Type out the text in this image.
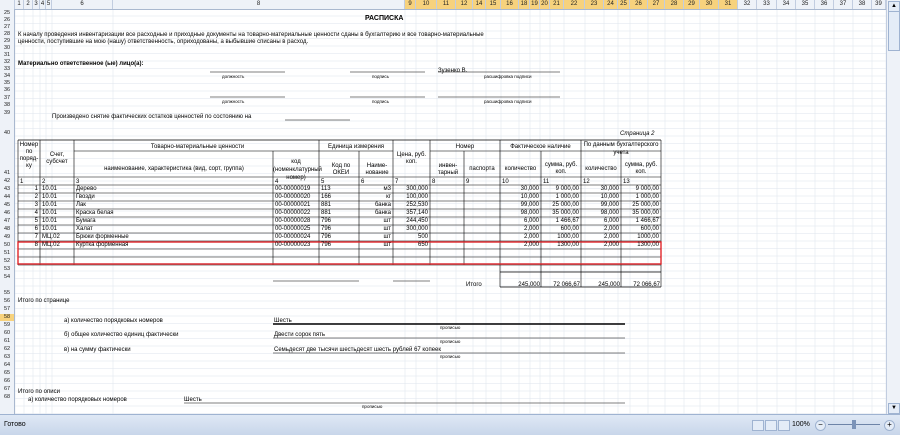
1 2 3 4 5	6	8	9	10	11	12	14	15	16	18 19 20 21	22	23	24	25	26	27	28	29	30	31	32	33	34	35	36	37	38	39
25
26
27
28
29
30
31
32
33
34
35
36
37
38
39
40
41
42
43
44
45
46
47
48
49
50
51
52
53
54
55
56
57
58
59
60
61
62
63
64
65
66
67
68
РАСПИСКА
К началу проведения инвентаризации все расходные и приходные документы на товарно-материальные ценности сданы в бухгалтерию и все товарно-материальные
ценности, поступившие на мою (нашу) ответственность, оприходованы, а выбывшие списаны в расход.
Материально ответственное (ые) лицо(а):
Зузенко В.
должность	подпись	расшифровка подписи
должность	подпись	расшифровка подписи
Произведено снятие фактических остатков ценностей по состоянию на
Страница 2
Номер по поряд-ку
Счет, субсчет
Товарно-материальные ценности
наименование, характеристика (вид, сорт, группа)
код (номенклатурный номер)
Единица измерения
Код по ОКЕИ
Наиме-нование
Цена, руб. коп.
Номер
инвен-тарный
паспорта
Фактическое наличие
количество
сумма, руб. коп.
По данным бухгалтерского учета
количество
сумма, руб. коп.
1	2	3	4	5	6	7	8	9	10	11	12	13
1 10.01	Дерево	00-00000019	113	м3	300,000	30,000	9 000,00	30,000	9 000,00
2 10.01	Гвозди	00-00000020	166	кг	100,000	10,000	1 000,00	10,000	1 000,00
3 10.01	Лак	00-00000021	881	банка	252,530	99,000	25 000,00	99,000	25 000,00
4 10.01	Краска белая	00-00000022	881	банка	357,140	98,000	35 000,00	98,000	35 000,00
5 10.01	Бумага	00-00000028	796	шт	244,450	6,000	1 466,67	6,000	1 466,67
6 10.01	Халат	00-00000025	796	шт	300,000	2,000	600,00	2,000	600,00
7 МЦ.02	Брюки форменные	00-00000024	796	шт	500	2,000	1000,00	2,000	1000,00
8 МЦ.02	Куртка форменная	00-00000023	796	шт	650	2,000	1300,00	2,000	1300,00
Итого	245,000	72 066,67	245,000	72 066,67
Итого по странице
а) количество порядковых номеров	Шесть
б) общее количество единиц фактически	Двести сорок пять
в) на сумму фактически	Семьдесят две тысячи шестьдесят шесть рублей 67 копеек
прописью
прописью
прописью
Итого по описи
а) количество порядковых номеров	Шесть
прописью
▲
▼
Готово	100%	−	+
